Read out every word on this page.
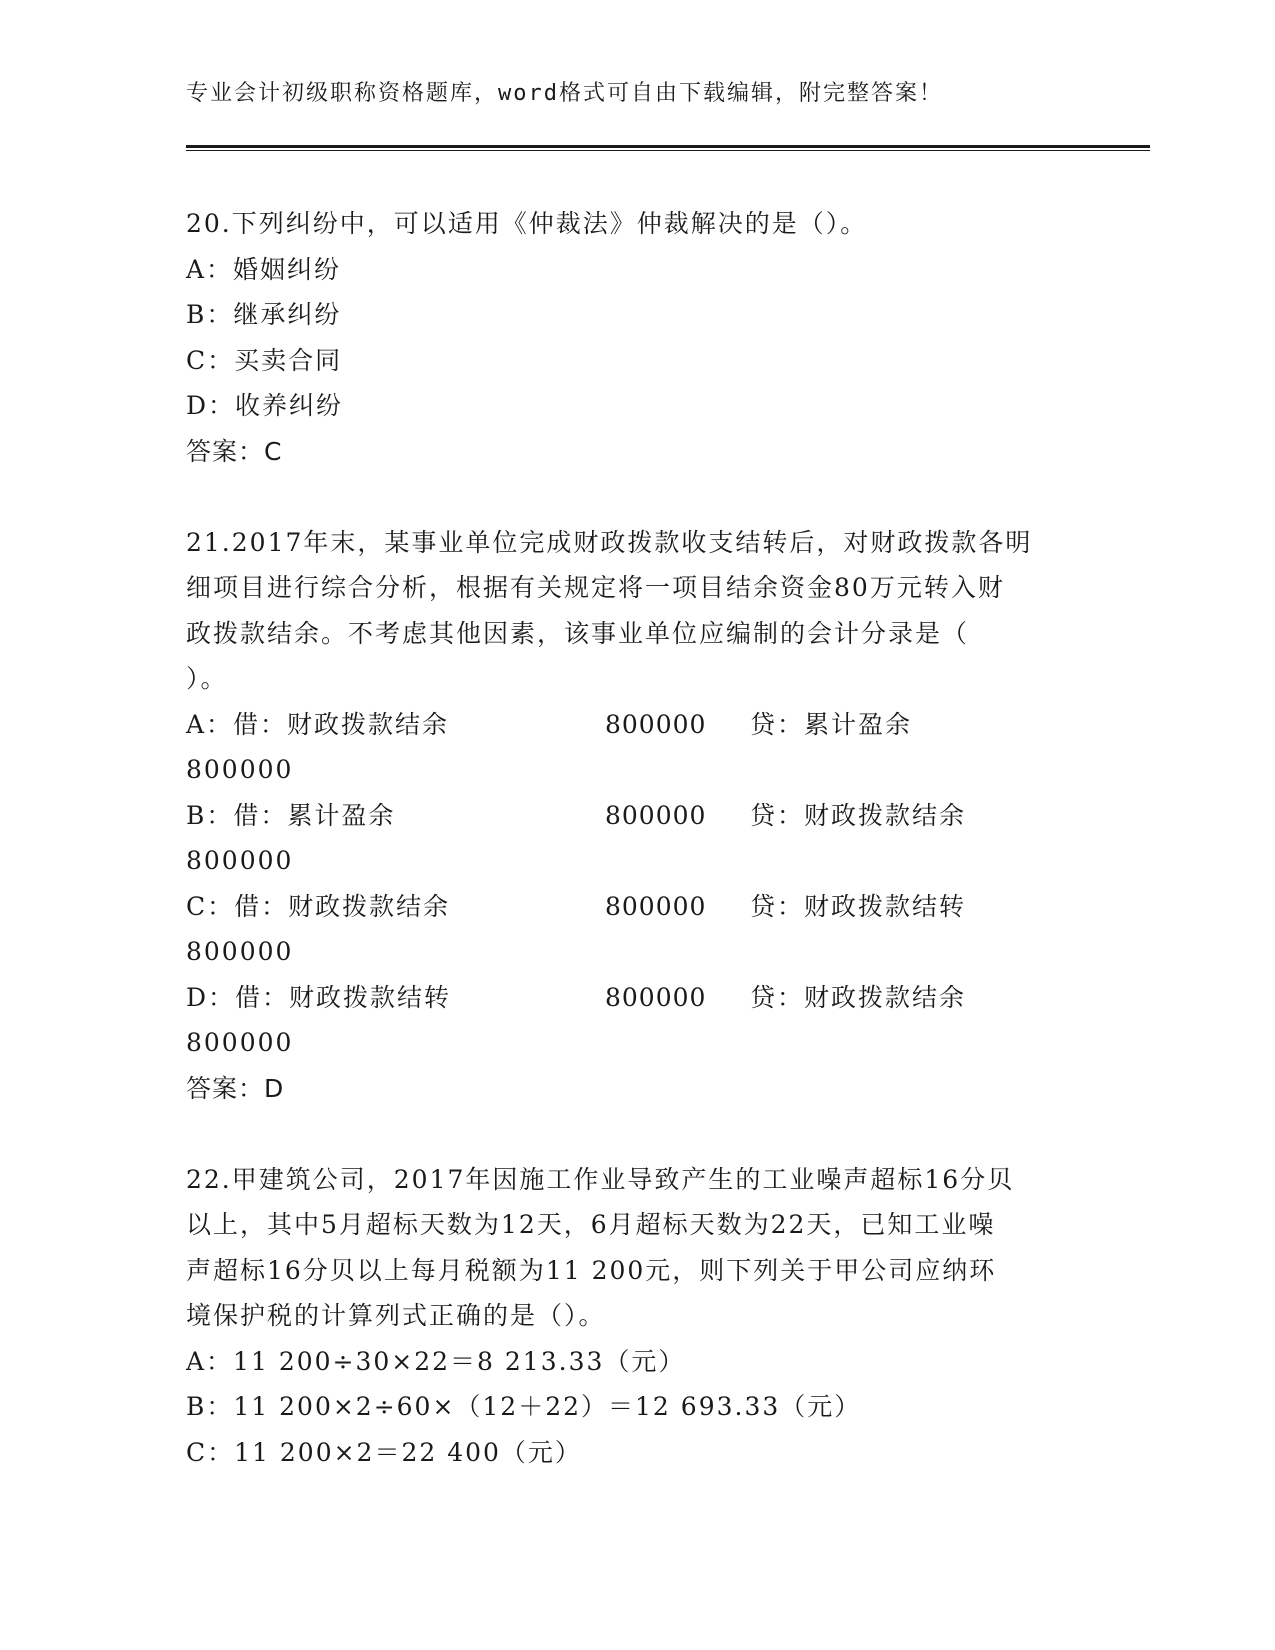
专业会计初级职称资格题库，word格式可自由下载编辑，附完整答案！
20.下列纠纷中，可以适用《仲裁法》仲裁解决的是（）。
A：婚姻纠纷
B：继承纠纷
C：买卖合同
D：收养纠纷
答案：C
21.2017年末，某事业单位完成财政拨款收支结转后，对财政拨款各明
细项目进行综合分析，根据有关规定将一项目结余资金80万元转入财
政拨款结余。不考虑其他因素，该事业单位应编制的会计分录是（
）。
A：借：财政拨款结余	800000 贷：累计盈余
800000
B：借：累计盈余	800000 贷：财政拨款结余
800000
C：借：财政拨款结余	800000 贷：财政拨款结转
800000
D：借：财政拨款结转	800000 贷：财政拨款结余
800000
答案：D
22.甲建筑公司，2017年因施工作业导致产生的工业噪声超标16分贝
以上，其中5月超标天数为12天，6月超标天数为22天，已知工业噪
声超标16分贝以上每月税额为11 200元，则下列关于甲公司应纳环
境保护税的计算列式正确的是（）。
A：11 200÷30×22＝8 213.33（元）
B：11 200×2÷60×（12＋22）＝12 693.33（元）
C：11 200×2＝22 400（元）
